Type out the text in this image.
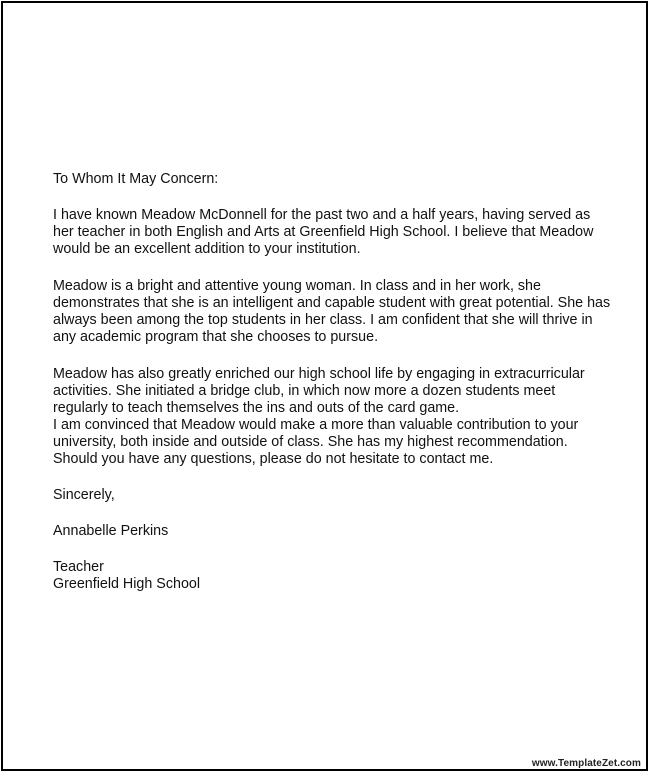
To Whom It May Concern:

I have known Meadow McDonnell for the past two and a half years, having served as her teacher in both English and Arts at Greenfield High School. I believe that Meadow would be an excellent addition to your institution.

Meadow is a bright and attentive young woman. In class and in her work, she demonstrates that she is an intelligent and capable student with great potential. She has always been among the top students in her class. I am confident that she will thrive in any academic program that she chooses to pursue.

Meadow has also greatly enriched our high school life by engaging in extracurricular activities. She initiated a bridge club, in which now more a dozen students meet regularly to teach themselves the ins and outs of the card game.

I am convinced that Meadow would make a more than valuable contribution to your university, both inside and outside of class. She has my highest recommendation. Should you have any questions, please do not hesitate to contact me.

Sincerely,

Annabelle Perkins

Teacher

Greenfield High School

www.TemplateZet.com
